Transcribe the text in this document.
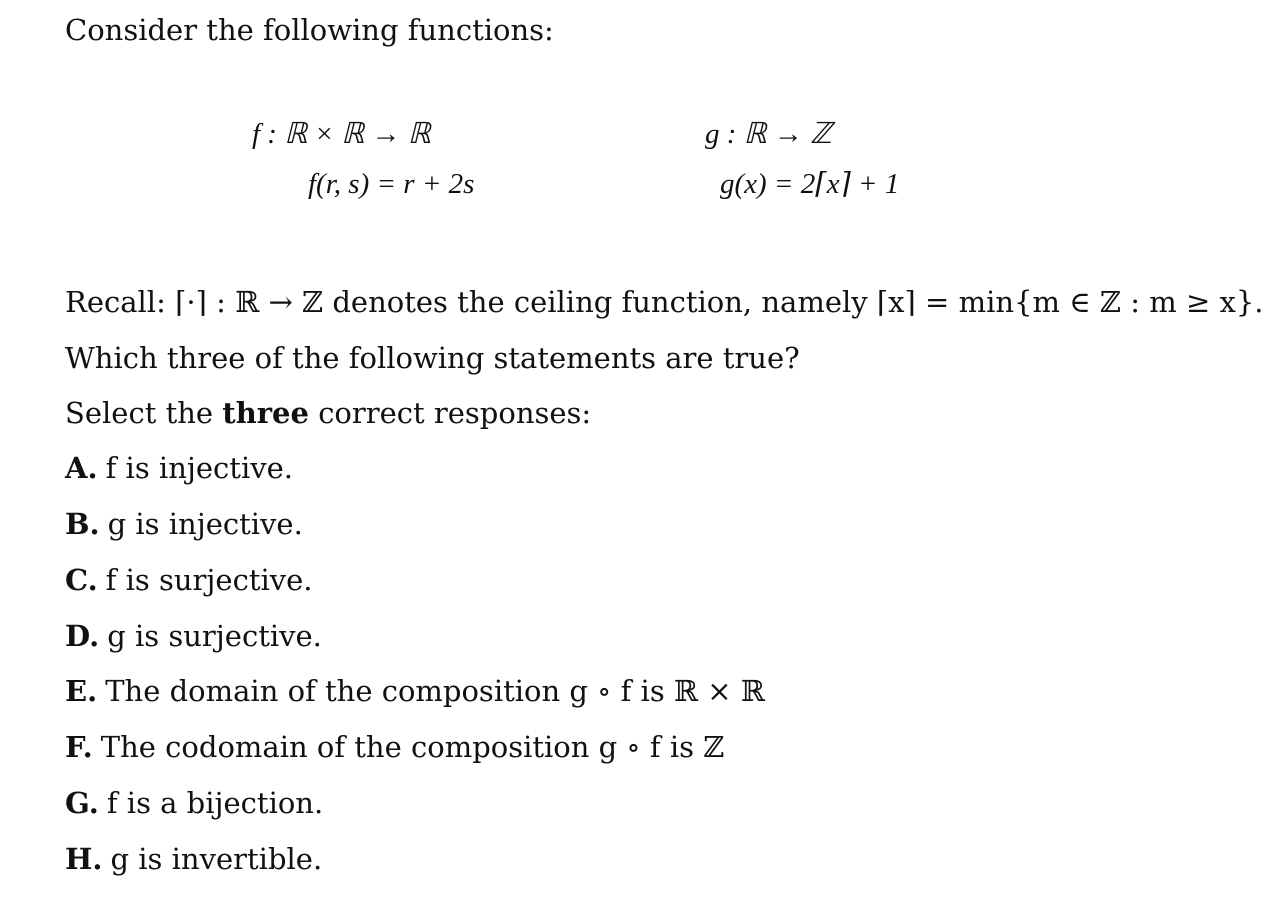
Consider the following functions:
f : ℝ × ℝ → ℝ
f(r, s) = r + 2s
g : ℝ → ℤ
g(x) = 2⌈x⌉ + 1
Recall: ⌈·⌉ : ℝ → ℤ denotes the ceiling function, namely ⌈x⌉ = min{m ∈ ℤ : m ≥ x}.
Which three of the following statements are true?
Select the three correct responses:
A. f is injective.
B. g is injective.
C. f is surjective.
D. g is surjective.
E. The domain of the composition g ∘ f is ℝ × ℝ
F. The codomain of the composition g ∘ f is ℤ
G. f is a bijection.
H. g is invertible.
